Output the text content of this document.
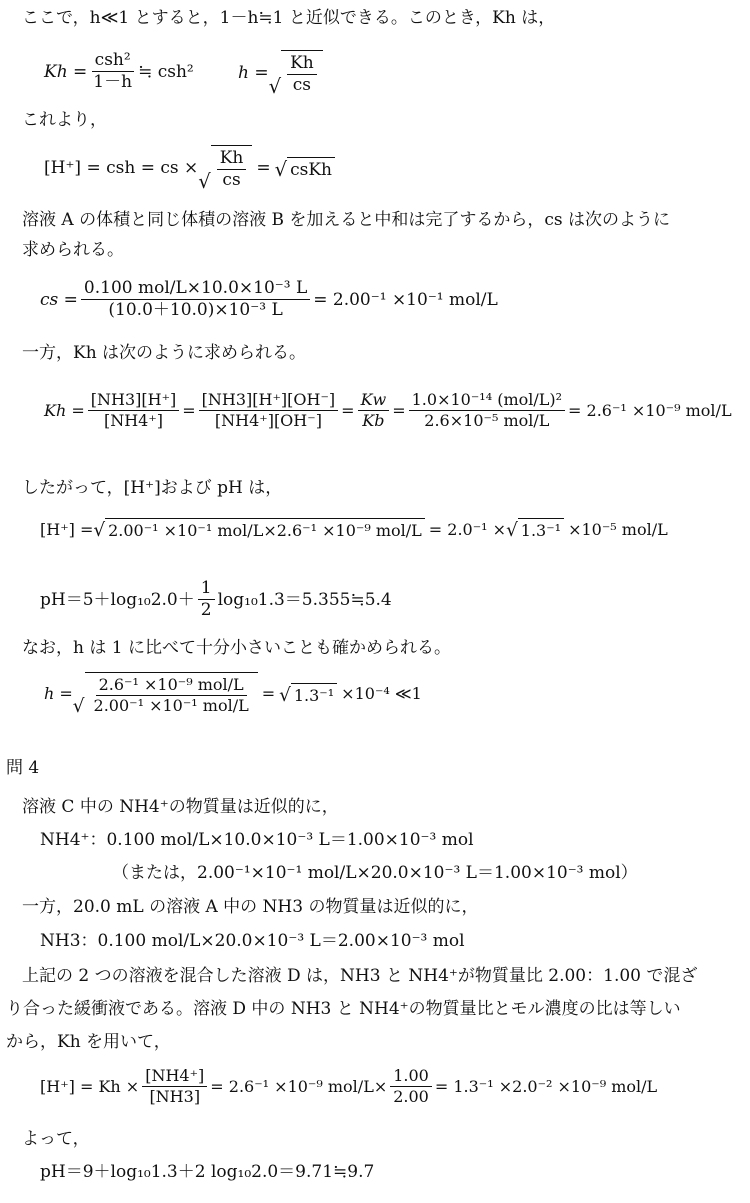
ここで，h≪1 とすると，1－h≒1 と近似できる。このとき，Kh は，
$Kh = \frac{\text{csh²}}{1-h}$ ≒ csh²	h =
√ $\frac{Kh}{cs}$
これより，
[H⁺] = csh = cs ×
√ $\frac{Kh}{cs}$ = √ csKh
溶液 A の体積と同じ体積の溶液 B を加えると中和は完了するから，cs は次のように
求められる。
cs = $\frac{\text{0.100 mol/L×10.0×10⁻³ L}}{\text{(10.0＋10.0)×10⁻³ L}} = 2.00^{-1} \times 10^{-1}$ mol/L
一方，Kh は次のように求められる。
$Kh = \frac{[NH3][H^+]}{[NH4^+]} = \frac{[NH3][H^+][OH^-]}{[NH4^+][OH^-]} = \frac{Kw}{Kb} = \frac{\text{1.0×10⁻¹⁴ (mol/L)²}}{\text{2.6×10⁻⁵ mol/L}} = 2.6^{-1} \times 10^{-9}$ mol/L
したがって，[H⁺]および pH は，
[H⁺] = √ 2.00⁻¹ ×10⁻¹ mol/L×2.6⁻¹ ×10⁻⁹ mol/L = 2.0⁻¹ × √ 1.3⁻¹ ×10⁻⁵ mol/L
$pH=5+\log_{10}2.0+ \frac{1}{2}$ log₁₀1.3＝5.355≒5.4
なお，h は 1 に比べて十分小さいことも確かめられる。
h =
√ $\frac{\text{2.6⁻¹ ×10⁻⁹ mol/L}}{\text{2.00⁻¹ ×10⁻¹ mol/L}}$ = √ 1.3⁻¹ ×10⁻⁴ ≪1
問 4
溶液 C 中の NH4⁺の物質量は近似的に，
NH4⁺：0.100 mol/L×10.0×10⁻³ L＝1.00×10⁻³ mol
（または，2.00⁻¹×10⁻¹ mol/L×20.0×10⁻³ L＝1.00×10⁻³ mol）
一方，20.0 mL の溶液 A 中の NH3 の物質量は近似的に，
NH3：0.100 mol/L×20.0×10⁻³ L＝2.00×10⁻³ mol
上記の 2 つの溶液を混合した溶液 D は，NH3 と NH4⁺が物質量比 2.00：1.00 で混ざ
り合った緩衝液である。溶液 D 中の NH3 と NH4⁺の物質量比とモル濃度の比は等しい
から，Kh を用いて，
$[H^+] = Kh \times \frac{[NH4^+]}{[NH3]} = 2.6^{-1} \times 10^{-9}$ $mol/L\times \frac{1.00}{2.00} = 1.3^{-1} \times 2.0^{-2} \times 10^{-9}$ mol/L
よって，
pH＝9＋log₁₀1.3＋2 log₁₀2.0＝9.71≒9.7
